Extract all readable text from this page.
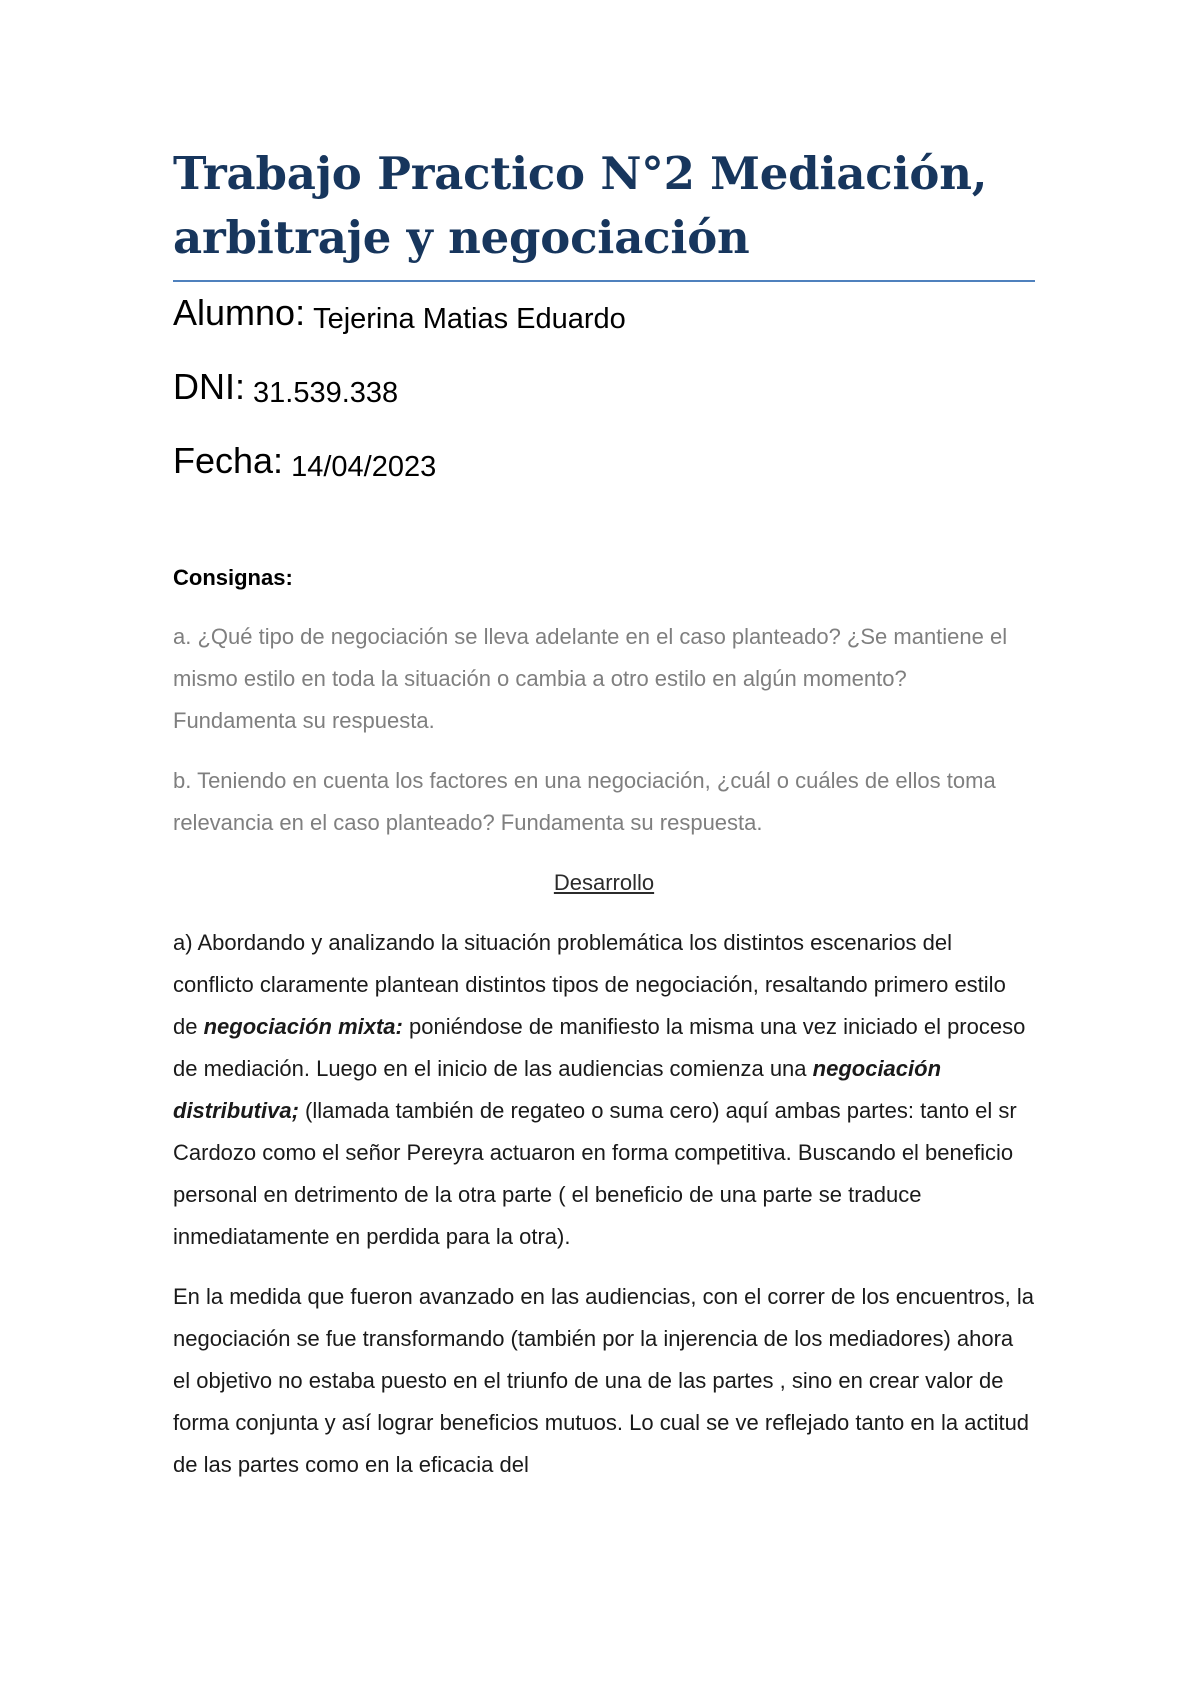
Trabajo Practico N°2 Mediación, arbitraje y negociación
Alumno: Tejerina Matias Eduardo
DNI: 31.539.338
Fecha: 14/04/2023

Consignas:

a. ¿Qué tipo de negociación se lleva adelante en el caso planteado? ¿Se mantiene el mismo estilo en toda la situación o cambia a otro estilo en algún momento? Fundamenta su respuesta.

b. Teniendo en cuenta los factores en una negociación, ¿cuál o cuáles de ellos toma relevancia en el caso planteado? Fundamenta su respuesta.

Desarrollo

a) Abordando y analizando la situación problemática los distintos escenarios del conflicto claramente plantean distintos tipos de negociación, resaltando primero estilo de negociación mixta: poniéndose de manifiesto la misma una vez iniciado el proceso de mediación. Luego en el inicio de las audiencias comienza una negociación distributiva; (llamada también de regateo o suma cero) aquí ambas partes: tanto el sr Cardozo como el señor Pereyra actuaron en forma competitiva. Buscando el beneficio personal en detrimento de la otra parte ( el beneficio de una parte se traduce inmediatamente en perdida para la otra).

En la medida que fueron avanzado en las audiencias, con el correr de los encuentros, la negociación se fue transformando (también por la injerencia de los mediadores) ahora el objetivo no estaba puesto en el triunfo de una de las partes , sino en crear valor de forma conjunta y así lograr beneficios mutuos. Lo cual se ve reflejado tanto en la actitud de las partes como en la eficacia del
